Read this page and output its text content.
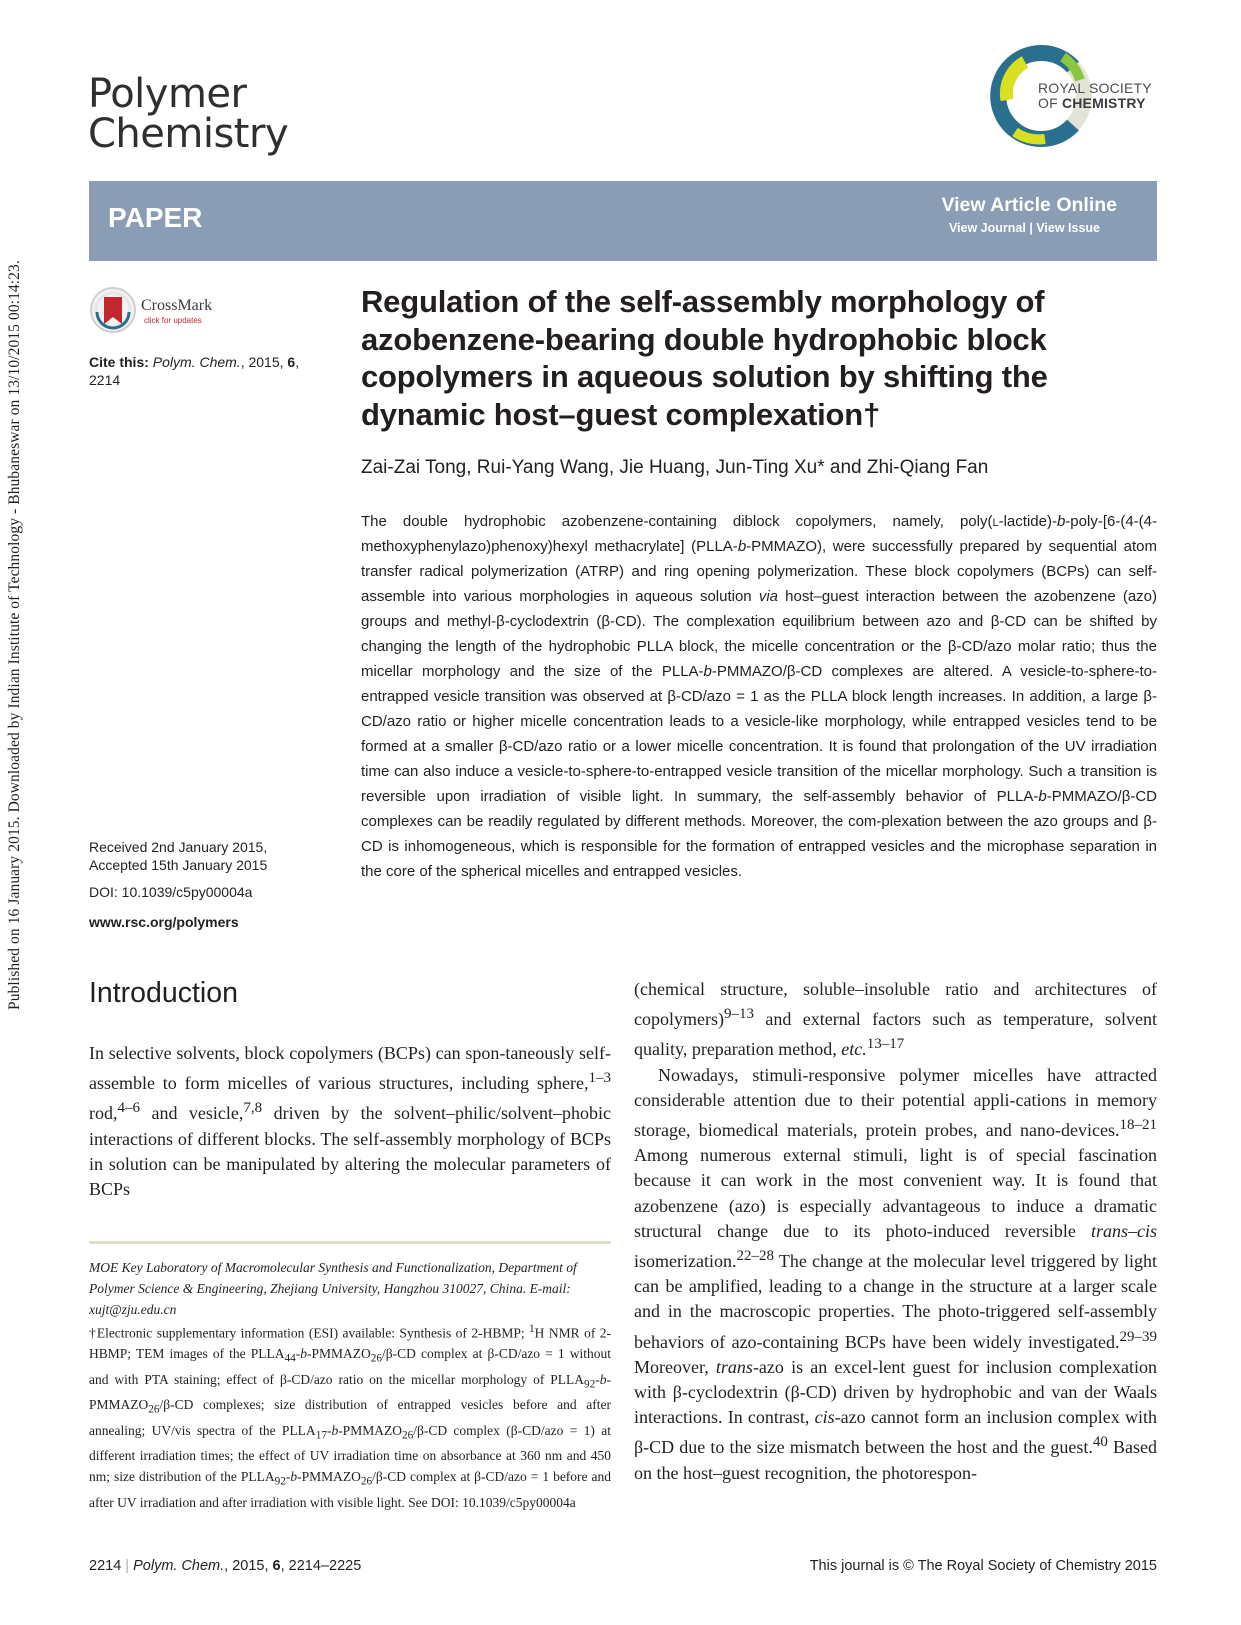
Published on 16 January 2015. Downloaded by Indian Institute of Technology - Bhubaneswar on 13/10/2015 00:14:23.
Polymer
Chemistry
ROYAL SOCIETY
OF CHEMISTRY
PAPER	View Article Online
View Journal | View Issue
CrossMark
click for updates
Cite this: Polym. Chem., 2015, 6,
2214
Received 2nd January 2015,
Accepted 15th January 2015
DOI: 10.1039/c5py00004a
www.rsc.org/polymers
Regulation of the self-assembly morphology of azobenzene-bearing double hydrophobic block copolymers in aqueous solution by shifting the dynamic host–guest complexation†
Zai-Zai Tong, Rui-Yang Wang, Jie Huang, Jun-Ting Xu* and Zhi-Qiang Fan
The double hydrophobic azobenzene-containing diblock copolymers, namely, poly(l-lactide)-b-poly-[6-(4-(4-methoxyphenylazo)phenoxy)hexyl methacrylate] (PLLA-b-PMMAZO), were successfully prepared by sequential atom transfer radical polymerization (ATRP) and ring opening polymerization. These block copolymers (BCPs) can self-assemble into various morphologies in aqueous solution via host–guest interaction between the azobenzene (azo) groups and methyl-β-cyclodextrin (β-CD). The complexation equilibrium between azo and β-CD can be shifted by changing the length of the hydrophobic PLLA block, the micelle concentration or the β-CD/azo molar ratio; thus the micellar morphology and the size of the PLLA-b-PMMAZO/β-CD complexes are altered. A vesicle-to-sphere-to-entrapped vesicle transition was observed at β-CD/azo = 1 as the PLLA block length increases. In addition, a large β-CD/azo ratio or higher micelle concentration leads to a vesicle-like morphology, while entrapped vesicles tend to be formed at a smaller β-CD/azo ratio or a lower micelle concentration. It is found that prolongation of the UV irradiation time can also induce a vesicle-to-sphere-to-entrapped vesicle transition of the micellar morphology. Such a transition is reversible upon irradiation of visible light. In summary, the self-assembly behavior of PLLA-b-PMMAZO/β-CD complexes can be readily regulated by different methods. Moreover, the com-plexation between the azo groups and β-CD is inhomogeneous, which is responsible for the formation of entrapped vesicles and the microphase separation in the core of the spherical micelles and entrapped vesicles.
Introduction
In selective solvents, block copolymers (BCPs) can spon-taneously self-assemble to form micelles of various structures, including sphere,$^{1-3}$ rod,$^{4-6}$ and vesicle,$^{7,8}$ driven by the solvent–philic/solvent–phobic interactions of different blocks. The self-assembly morphology of BCPs in solution can be manipulated by altering the molecular parameters of BCPs

(chemical structure, soluble–insoluble ratio and architectures of copolymers)$^{9-13}$ and external factors such as temperature, solvent quality, preparation method, etc.$^{13-17}$

Nowadays, stimuli-responsive polymer micelles have attracted considerable attention due to their potential appli-cations in memory storage, biomedical materials, protein probes, and nano-devices.$^{18-21}$ Among numerous external stimuli, light is of special fascination because it can work in the most convenient way. It is found that azobenzene (azo) is especially advantageous to induce a dramatic structural change due to its photo-induced reversible trans–cis isomerization.$^{22-28}$ The change at the molecular level triggered by light can be amplified, leading to a change in the structure at a larger scale and in the macroscopic properties. The photo-triggered self-assembly behaviors of azo-containing BCPs have been widely investigated.$^{29-39}$ Moreover, trans-azo is an excel-lent guest for inclusion complexation with β-cyclodextrin (β-CD) driven by hydrophobic and van der Waals interactions. In contrast, cis-azo cannot form an inclusion complex with β-CD due to the size mismatch between the host and the guest.$^{40}$ Based on the host–guest recognition, the photorespon-

MOE Key Laboratory of Macromolecular Synthesis and Functionalization, Department of Polymer Science & Engineering, Zhejiang University, Hangzhou 310027, China. E-mail: xujt@zju.edu.cn
†Electronic supplementary information (ESI) available: Synthesis of 2-HBMP; $^1$H NMR of 2-HBMP; TEM images of the $PLLA_{44}-b-PMMAZO_{26}/\beta-CD$ complex at β-CD/azo = 1 without and with PTA staining; effect of β-CD/azo ratio on the micellar morphology of $PLLA_{92}-b-PMMAZO_{26}/\beta-CD$ complexes; size distribution of entrapped vesicles before and after annealing; UV/vis spectra of the $PLLA_{17}-b-PMMAZO_{26}/\beta-CD$ complex (β-CD/azo = 1) at different irradiation times; the effect of UV irradiation time on absorbance at 360 nm and 450 nm; size distribution of the $PLLA_{92}-b-PMMAZO_{26}/\beta-CD$ complex at β-CD/azo = 1 before and after UV irradiation and after irradiation with visible light. See DOI: 10.1039/c5py00004a
2214 | Polym. Chem., 2015, 6, 2214–2225	This journal is © The Royal Society of Chemistry 2015
